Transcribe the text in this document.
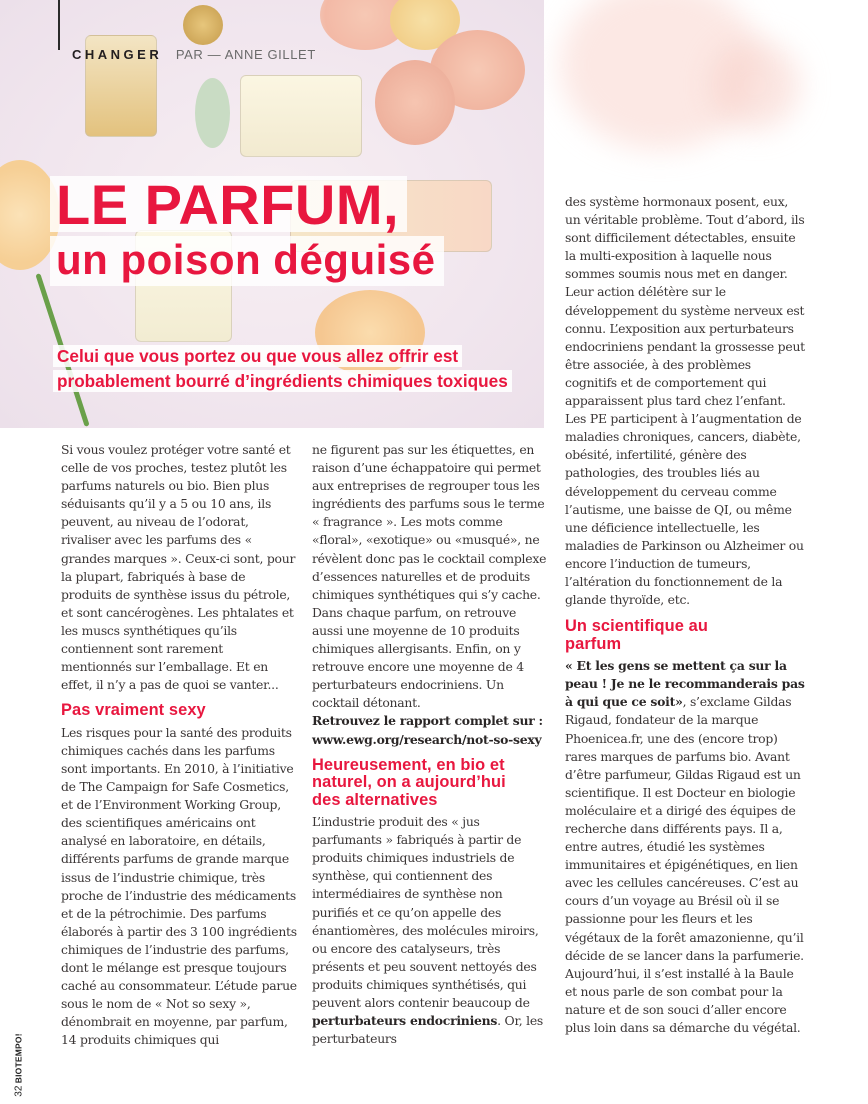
CHANGER PAR — ANNE GILLET
LE PARFUM,
un poison déguisé
Celui que vous portez ou que vous allez offrir est probablement bourré d’ingrédients chimiques toxiques

Si vous voulez protéger votre santé et celle de vos proches, testez plutôt les parfums naturels ou bio. Bien plus séduisants qu’il y a 5 ou 10 ans, ils peuvent, au niveau de l’odorat, rivaliser avec les parfums des « grandes marques ». Ceux-ci sont, pour la plupart, fabriqués à base de produits de synthèse issus du pétrole, et sont cancérogènes. Les phtalates et les muscs synthétiques qu’ils contiennent sont rarement mentionnés sur l’emballage. Et en effet, il n’y a pas de quoi se vanter...

Pas vraiment sexy

Les risques pour la santé des produits chimiques cachés dans les parfums sont importants. En 2010, à l’initiative de The Campaign for Safe Cosmetics, et de l’Environment Working Group, des scientifiques américains ont analysé en laboratoire, en détails, différents parfums de grande marque issus de l’industrie chimique, très proche de l’industrie des médicaments et de la pétrochimie. Des parfums élaborés à partir des 3 100 ingrédients chimiques de l’industrie des parfums, dont le mélange est presque toujours caché au consommateur. L’étude parue sous le nom de « Not so sexy », dénombrait en moyenne, par parfum, 14 produits chimiques qui

ne figurent pas sur les étiquettes, en raison d’une échappatoire qui permet aux entreprises de regrouper tous les ingrédients des parfums sous le terme « fragrance ». Les mots comme «floral», «exotique» ou «musqué», ne révèlent donc pas le cocktail complexe d’essences naturelles et de produits chimiques synthétiques qui s’y cache. Dans chaque parfum, on retrouve aussi une moyenne de 10 produits chimiques allergisants. Enfin, on y retrouve encore une moyenne de 4 perturbateurs endocriniens. Un cocktail détonant.

Retrouvez le rapport complet sur :
www.ewg.org/research/not-so-sexy

Heureusement, en bio et naturel, on a aujourd’hui des alternatives

L’industrie produit des « jus parfumants » fabriqués à partir de produits chimiques industriels de synthèse, qui contiennent des intermédiaires de synthèse non purifiés et ce qu’on appelle des énantiomères, des molécules miroirs, ou encore des catalyseurs, très présents et peu souvent nettoyés des produits chimiques synthétisés, qui peuvent alors contenir beaucoup de perturbateurs endocriniens. Or, les perturbateurs

des système hormonaux posent, eux, un véritable problème. Tout d’abord, ils sont difficilement détectables, ensuite la multi-exposition à laquelle nous sommes soumis nous met en danger. Leur action délétère sur le développement du système nerveux est connu. L’exposition aux perturbateurs endocriniens pendant la grossesse peut être associée, à des problèmes cognitifs et de comportement qui apparaissent plus tard chez l’enfant. Les PE participent à l’augmentation de maladies chroniques, cancers, diabète, obésité, infertilité, génère des pathologies, des troubles liés au développement du cerveau comme l’autisme, une baisse de QI, ou même une déficience intellectuelle, les maladies de Parkinson ou Alzheimer ou encore l’induction de tumeurs, l’altération du fonctionnement de la glande thyroïde, etc.

Un scientifique au parfum

« Et les gens se mettent ça sur la peau ! Je ne le recommanderais pas à qui que ce soit», s’exclame Gildas Rigaud, fondateur de la marque Phoenicea.fr, une des (encore trop) rares marques de parfums bio. Avant d’être parfumeur, Gildas Rigaud est un scientifique. Il est Docteur en biologie moléculaire et a dirigé des équipes de recherche dans différents pays. Il a, entre autres, étudié les systèmes immunitaires et épigénétiques, en lien avec les cellules cancéreuses. C’est au cours d’un voyage au Brésil où il se passionne pour les fleurs et les végétaux de la forêt amazonienne, qu’il décide de se lancer dans la parfumerie. Aujourd’hui, il s’est installé à la Baule et nous parle de son combat pour la nature et de son souci d’aller encore plus loin dans sa démarche du végétal.

32 BIOTEMPO!
